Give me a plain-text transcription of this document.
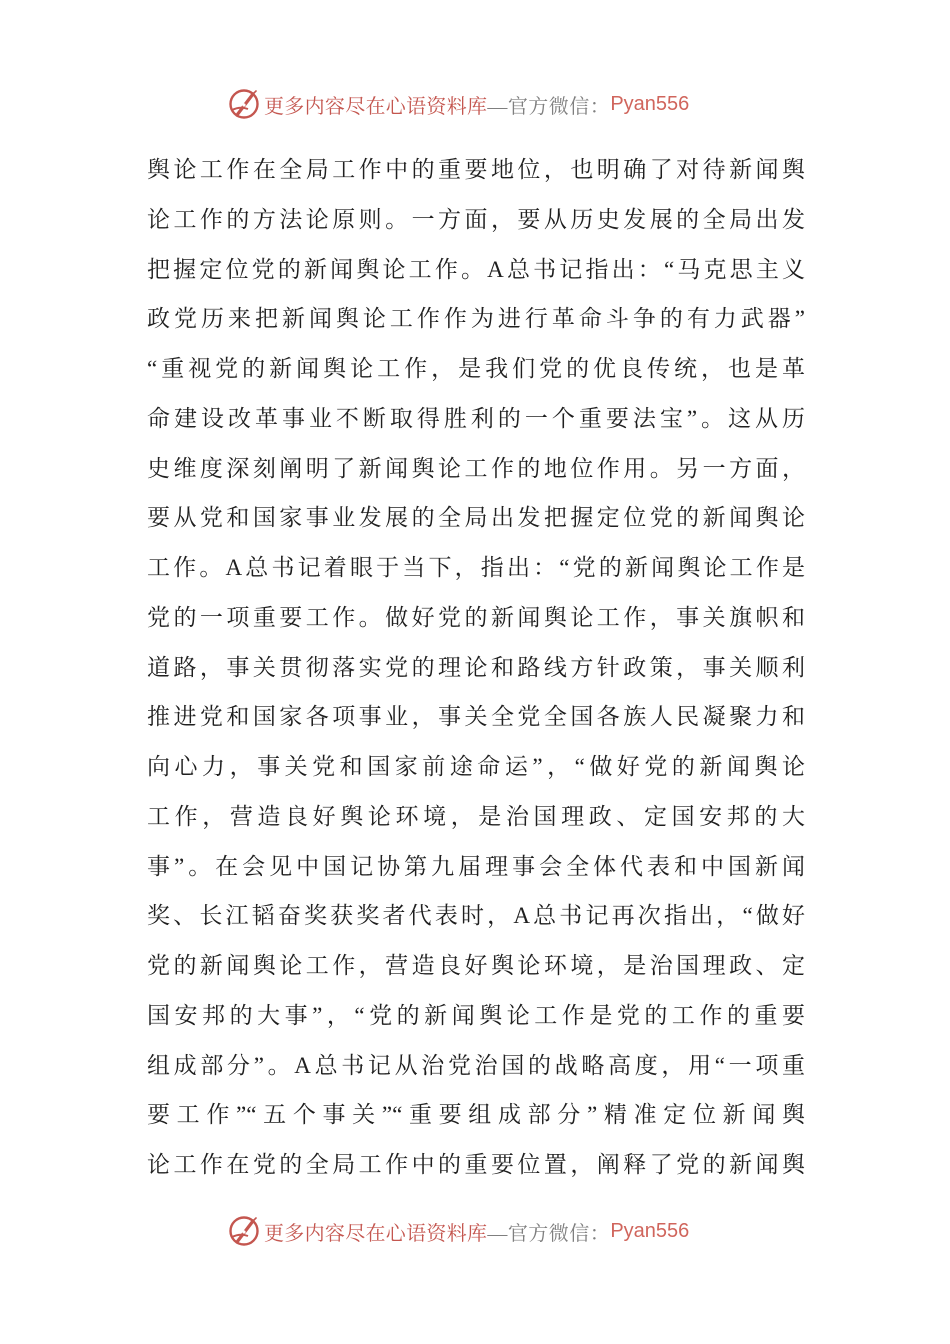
更多内容尽在心语资料库 —官方微信： Pyan556
舆论工作在全局工作中的重要地位，也明确了对待新闻舆
论工作的方法论原则。一方面，要从历史发展的全局出发
把握定位党的新闻舆论工作。A总书记指出：“马克思主义
政党历来把新闻舆论工作作为进行革命斗争的有力武器”
“重视党的新闻舆论工作，是我们党的优良传统，也是革
命建设改革事业不断取得胜利的一个重要法宝”。这从历
史维度深刻阐明了新闻舆论工作的地位作用。另一方面，
要从党和国家事业发展的全局出发把握定位党的新闻舆论
工作。A总书记着眼于当下，指出：“党的新闻舆论工作是
党的一项重要工作。做好党的新闻舆论工作，事关旗帜和
道路，事关贯彻落实党的理论和路线方针政策，事关顺利
推进党和国家各项事业，事关全党全国各族人民凝聚力和
向心力，事关党和国家前途命运”，“做好党的新闻舆论
工作，营造良好舆论环境，是治国理政、定国安邦的大
事”。在会见中国记协第九届理事会全体代表和中国新闻
奖、长江韬奋奖获奖者代表时，A总书记再次指出，“做好
党的新闻舆论工作，营造良好舆论环境，是治国理政、定
国安邦的大事”，“党的新闻舆论工作是党的工作的重要
组成部分”。A总书记从治党治国的战略高度，用“一项重
要工作”“五个事关”“重要组成部分”精准定位新闻舆
论工作在党的全局工作中的重要位置，阐释了党的新闻舆
更多内容尽在心语资料库 —官方微信： Pyan556
